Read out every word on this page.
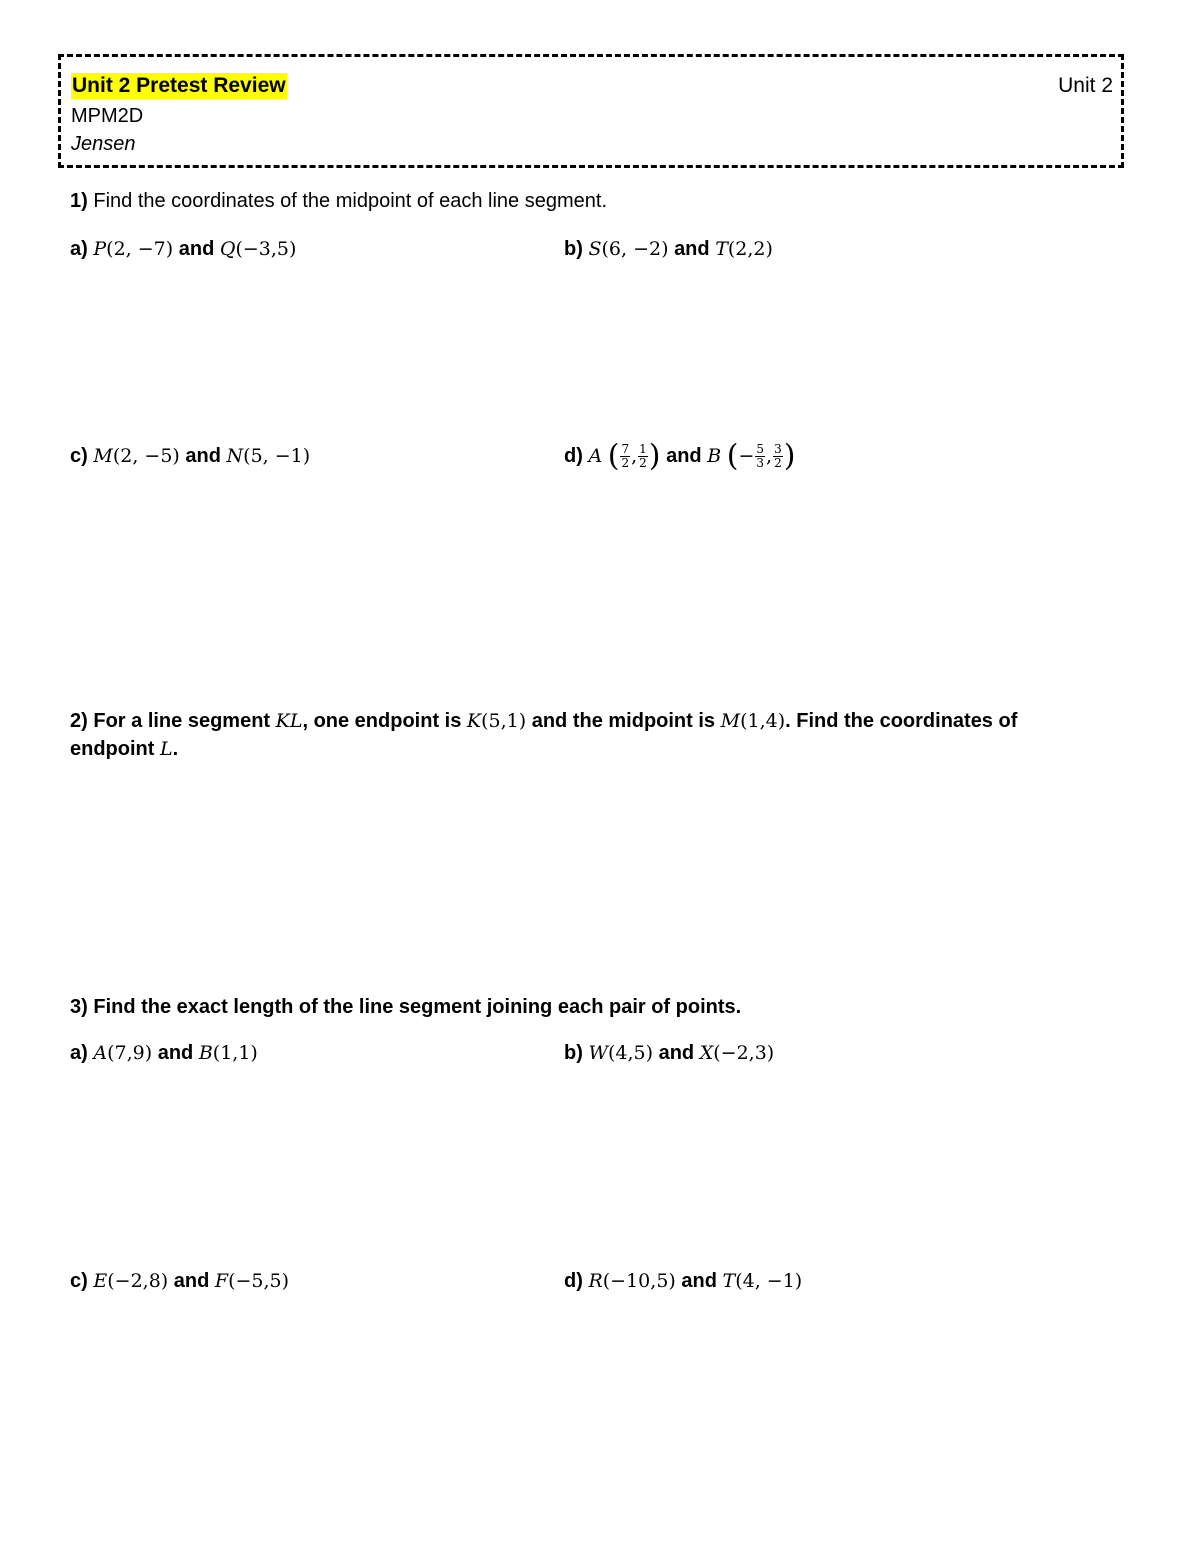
Unit 2 Pretest Review	Unit 2
MPM2D
Jensen
1) Find the coordinates of the midpoint of each line segment.
a) P(2, −7) and Q(−3,5)	b) S(6, −2) and T(2,2)
c) M(2, −5) and N(5, −1)	d) A ( $\frac{7}{2}$ , $\frac{1}{2}$ ) and B (− $\frac{5}{3}$ , $\frac{3}{2}$ )
2) For a line segment KL, one endpoint is K(5,1) and the midpoint is M(1,4). Find the coordinates of
endpoint L.
3) Find the exact length of the line segment joining each pair of points.
a) A(7,9) and B(1,1)	b) W(4,5) and X(−2,3)
c) E(−2,8) and F(−5,5)	d) R(−10,5) and T(4, −1)
